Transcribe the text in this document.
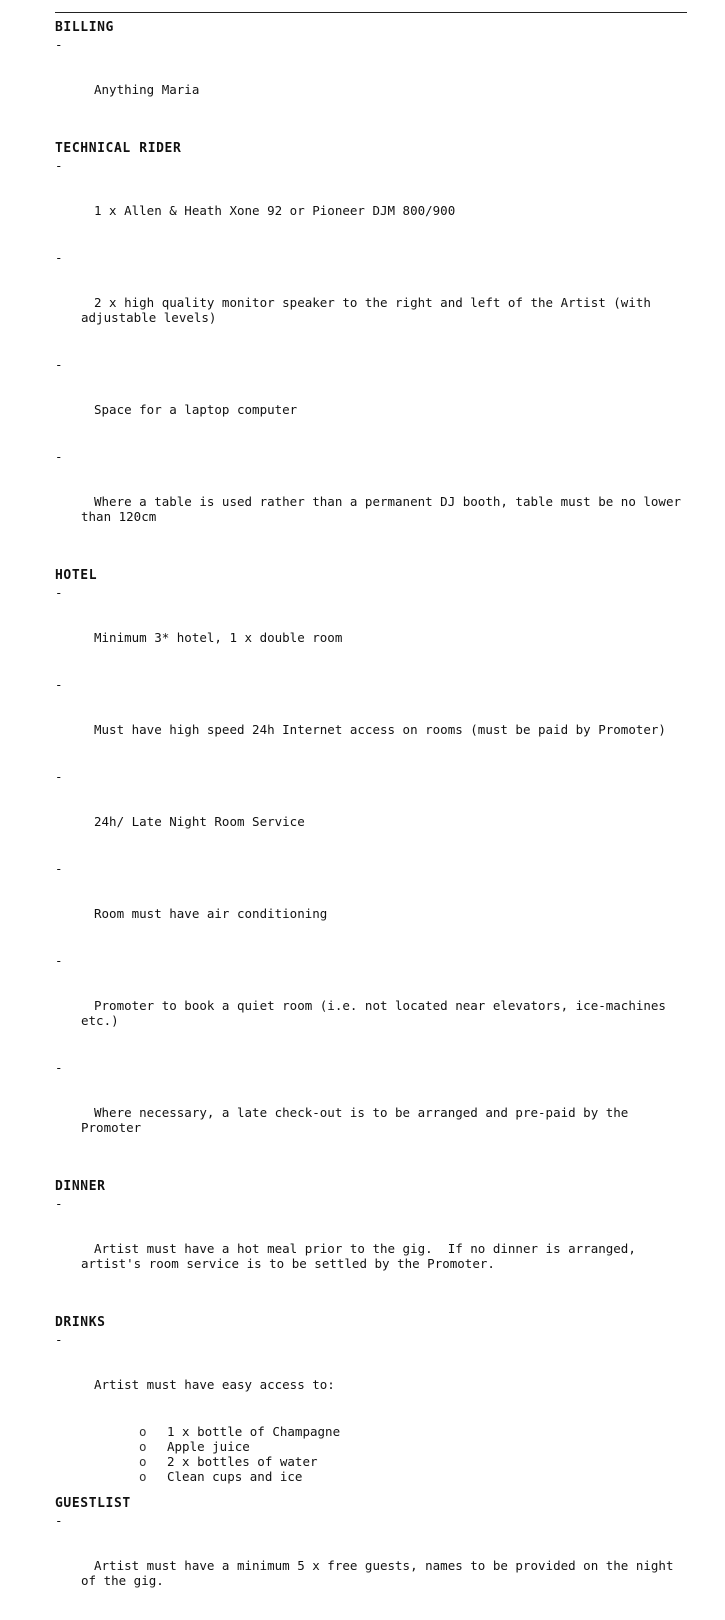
BILLING

-

Anything Maria

TECHNICAL RIDER

-

1 x Allen & Heath Xone 92 or Pioneer DJM 800/900

-

2 x high quality monitor speaker to the right and left of the Artist (with adjustable levels)

-

Space for a laptop computer

-

Where a table is used rather than a permanent DJ booth, table must be no lower than 120cm

HOTEL

-

Minimum 3* hotel, 1 x double room

-

Must have high speed 24h Internet access on rooms (must be paid by Promoter)

-

24h/ Late Night Room Service

-

Room must have air conditioning

-

Promoter to book a quiet room (i.e. not located near elevators, ice-machines etc.)

-

Where necessary, a late check-out is to be arranged and pre-paid by the Promoter

DINNER

-

Artist must have a hot meal prior to the gig.  If no dinner is arranged, artist's room service is to be settled by the Promoter.

DRINKS

-

Artist must have easy access to:

o	1 x bottle of Champagne
o	Apple juice
o	2 x bottles of water
o	Clean cups and ice
GUESTLIST

-

Artist must have a minimum 5 x free guests, names to be provided on the night of the gig.
